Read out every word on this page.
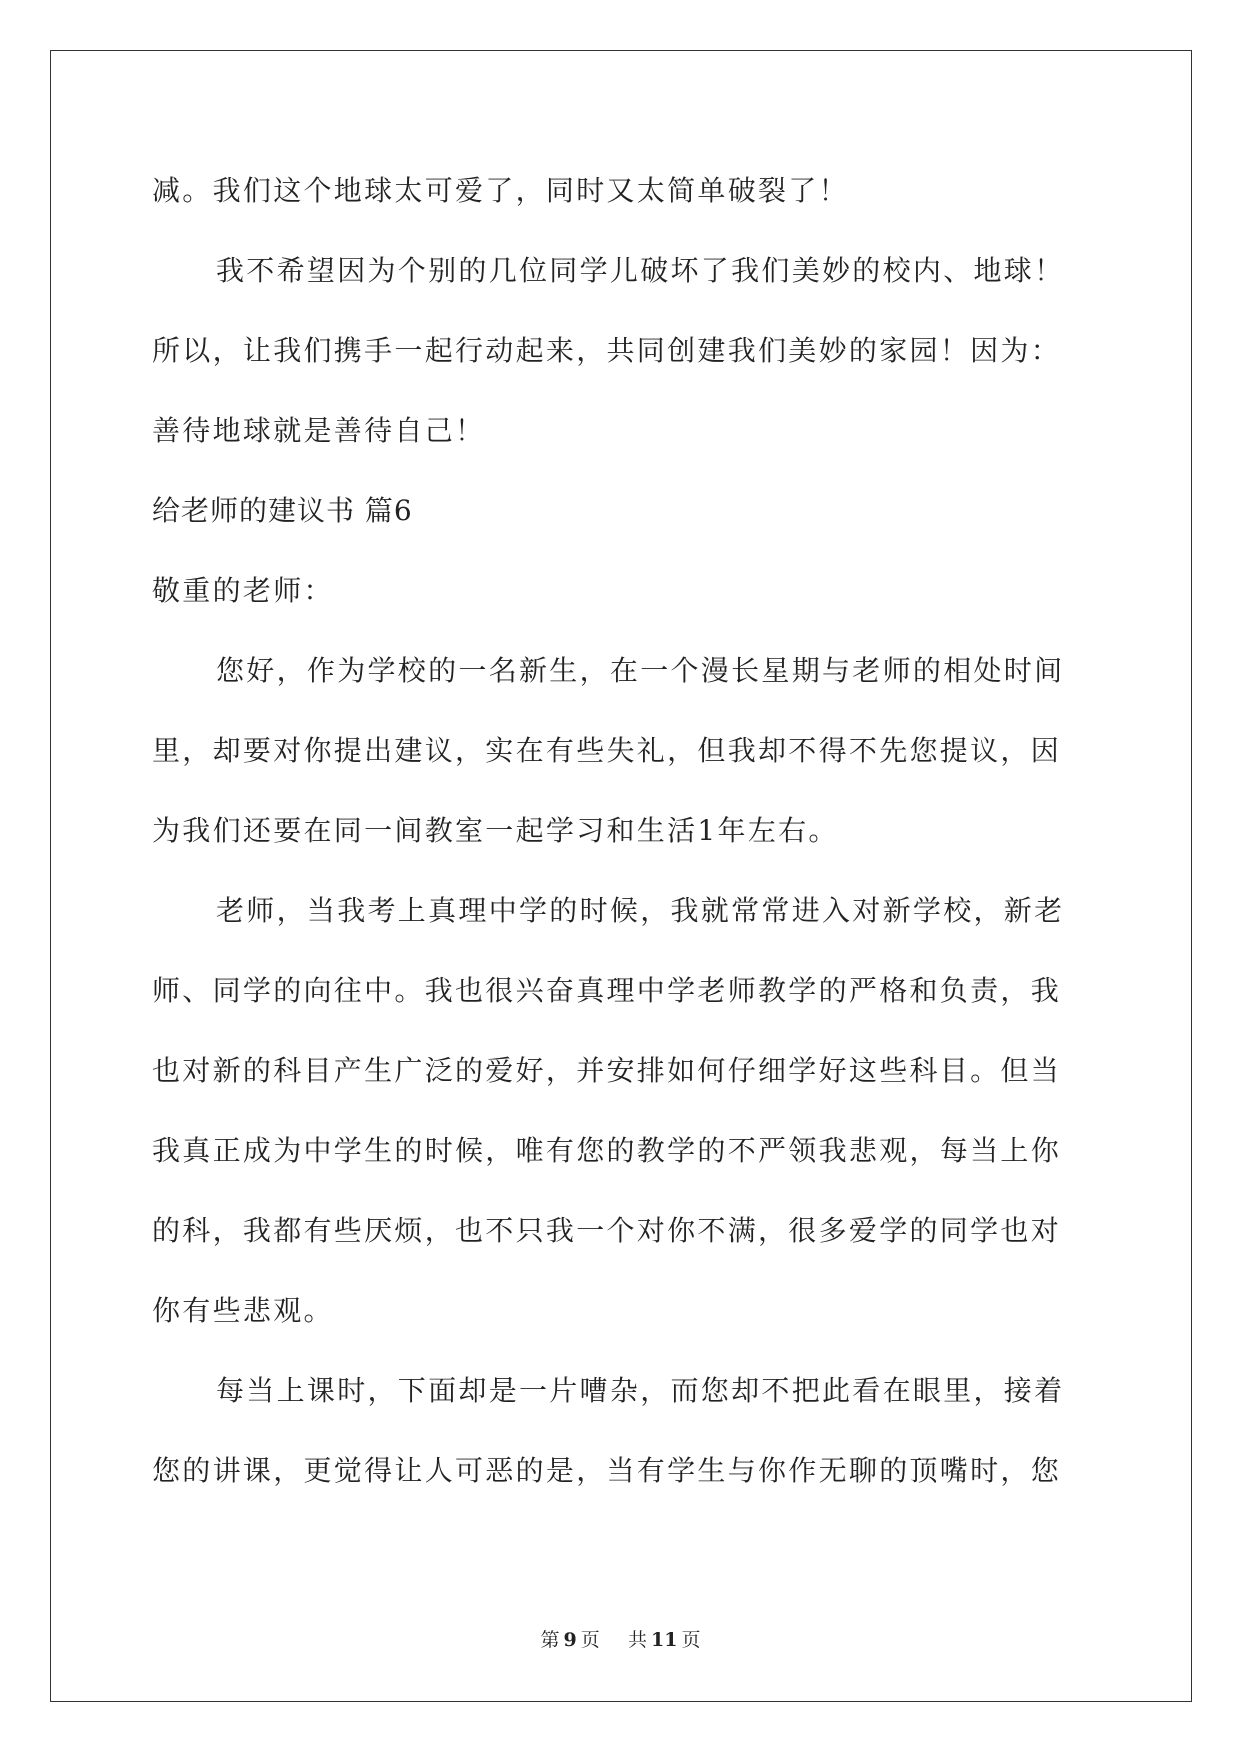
减。我们这个地球太可爱了，同时又太简单破裂了！
我不希望因为个别的几位同学儿破坏了我们美妙的校内、地球！
所以，让我们携手一起行动起来，共同创建我们美妙的家园！因为：
善待地球就是善待自己！
给老师的建议书 篇6
敬重的老师：
您好，作为学校的一名新生，在一个漫长星期与老师的相处时间
里，却要对你提出建议，实在有些失礼，但我却不得不先您提议，因
为我们还要在同一间教室一起学习和生活1年左右。
老师，当我考上真理中学的时候，我就常常进入对新学校，新老
师、同学的向往中。我也很兴奋真理中学老师教学的严格和负责，我
也对新的科目产生广泛的爱好，并安排如何仔细学好这些科目。但当
我真正成为中学生的时候，唯有您的教学的不严领我悲观，每当上你
的科，我都有些厌烦，也不只我一个对你不满，很多爱学的同学也对
你有些悲观。
每当上课时，下面却是一片嘈杂，而您却不把此看在眼里，接着
您的讲课，更觉得让人可恶的是，当有学生与你作无聊的顶嘴时，您
第 9 页 共 11 页
